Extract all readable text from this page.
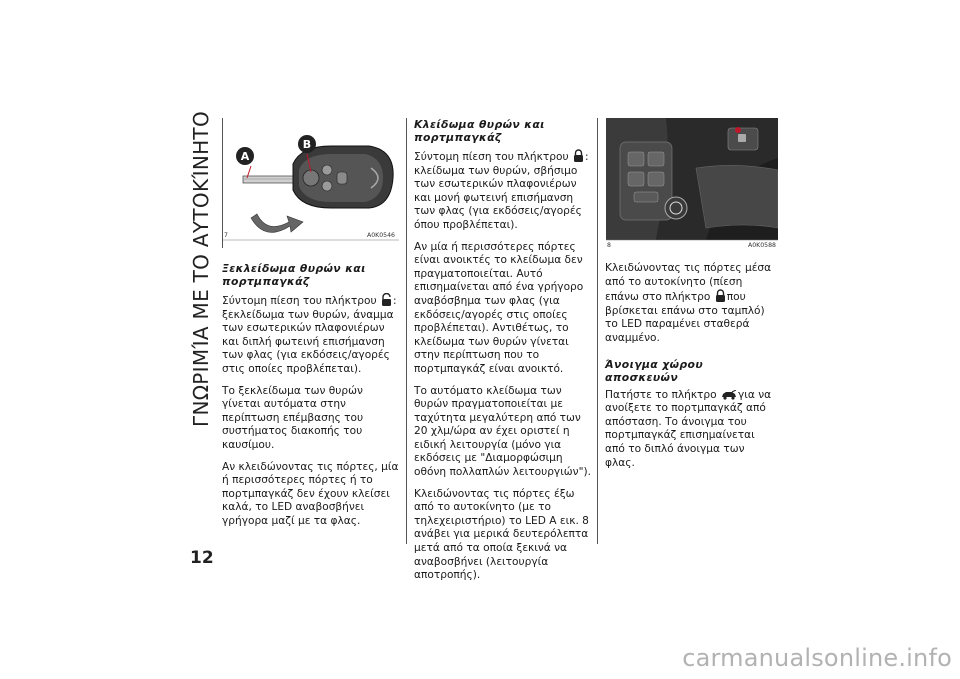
ΓΝΩΡΙΜΊΑ ΜΕ ΤΟ ΑΥΤΟΚΊΝΗΤΟ
12
A
B
7	A0K0546
8	A0K0588
Ξεκλείδωμα θυρών και πορτμπαγκάζ

Σύντομη πίεση του πλήκτρου : ξεκλείδωμα των θυρών, άναμμα των εσωτερικών πλαφονιέρων και διπλή φωτεινή επισήμανση των φλας (για εκδόσεις/αγορές στις οποίες προβλέπεται).

Το ξεκλείδωμα των θυρών γίνεται αυτόματα στην περίπτωση επέμβασης του συστήματος διακοπής του καυσίμου.

Αν κλειδώνοντας τις πόρτες, μία ή περισσότερες πόρτες ή το πορτμπαγκάζ δεν έχουν κλείσει καλά, το LED αναβοσβήνει γρήγορα μαζί με τα φλας.

Κλείδωμα θυρών και πορτμπαγκάζ

Σύντομη πίεση του πλήκτρου : κλείδωμα των θυρών, σβήσιμο των εσωτερικών πλαφονιέρων και μονή φωτεινή επισήμανση των φλας (για εκδόσεις/αγορές όπου προβλέπεται).

Αν μία ή περισσότερες πόρτες είναι ανοικτές το κλείδωμα δεν πραγματοποιείται. Αυτό επισημαίνεται από ένα γρήγορο αναβόσβημα των φλας (για εκδόσεις/αγορές στις οποίες προβλέπεται). Αντιθέτως, το κλείδωμα των θυρών γίνεται στην περίπτωση που το πορτμπαγκάζ είναι ανοικτό.

Το αυτόματο κλείδωμα των θυρών πραγματοποιείται με ταχύτητα μεγαλύτερη από των 20 χλμ/ώρα αν έχει οριστεί η ειδική λειτουργία (μόνο για εκδόσεις με "Διαμορφώσιμη οθόνη πολλαπλών λειτουργιών").

Κλειδώνοντας τις πόρτες έξω από το αυτοκίνητο (με το τηλεχειριστήριο) το LED A εικ. 8 ανάβει για μερικά δευτερόλεπτα μετά από τα οποία ξεκινά να αναβοσβήνει (λειτουργία αποτροπής).

Κλειδώνοντας τις πόρτες μέσα από το αυτοκίνητο (πίεση επάνω στο πλήκτρο που βρίσκεται επάνω στο ταμπλό) το LED παραμένει σταθερά αναμμένο.

Άνοιγμα χώρου αποσκευών

Πατήστε το πλήκτρο για να ανοίξετε το πορτμπαγκάζ από απόσταση. Το άνοιγμα του πορτμπαγκάζ επισημαίνεται από το διπλό άνοιγμα των φλας.

carmanualsonline.info
